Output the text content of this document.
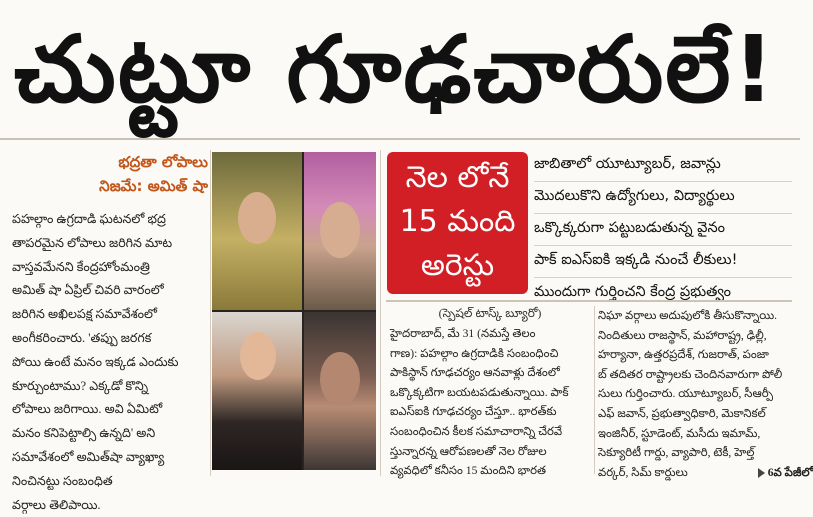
చుట్టూ గూఢచారులే!
భద్రతా లోపాలు
నిజమే: అమిత్ షా

పహల్గాం ఉగ్రదాడి ఘటనలో భద్ర

తాపరమైన లోపాలు జరిగిన మాట

వాస్తవమేనని కేంద్రహోంమంత్రి

అమిత్ షా ఏప్రిల్ చివరి వారంలో

జరిగిన అఖిలపక్ష సమావేశంలో

అంగీకరించారు. 'తప్పు జరగక

పోయి ఉంటే మనం ఇక్కడ ఎందుకు

కూర్చుంటాము? ఎక్కడో కొన్ని

లోపాలు జరిగాయి. అవి ఏమిటో

మనం కనిపెట్టాల్సి ఉన్నది' అని

సమావేశంలో అమిత్‌షా వ్యాఖ్యా

నించినట్టు సంబంధిత

వర్గాలు తెలిపాయి.

నెల లోనే
15 మంది
అరెస్టు
జాబితాలో యూట్యూబర్, జవాన్లు
మొదలుకొని ఉద్యోగులు, విద్యార్థులు
ఒక్కొక్కరుగా పట్టుబడుతున్న వైనం
పాక్ ఐఎస్‌ఐకి ఇక్కడి నుంచే లీకులు!
ముందుగా గుర్తించని కేంద్ర ప్రభుత్వం
(స్పెషల్ టాస్క్ బ్యూరో)

హైదరాబాద్, మే 31 (నమస్తే తెలం

గాణ): పహల్గాం ఉగ్రదాడికి సంబంధించి

పాకిస్థాన్ గూఢచర్యం ఆనవాళ్లు దేశంలో

ఒక్కొక్కటిగా బయటపడుతున్నాయి. పాక్

ఐఎస్‌ఐకి గూఢచర్యం చేస్తూ.. భారత్‌కు

సంబంధించిన కీలక సమాచారాన్ని చేరవే

స్తున్నారన్న ఆరోపణలతో నెల రోజుల

వ్యవధిలో కనీసం 15 మందిని భారత

నిఘా వర్గాలు అదుపులోకి తీసుకొన్నాయి.

నిందితులు రాజస్థాన్, మహారాష్ట్ర, ఢిల్లీ,

హర్యానా, ఉత్తరప్రదేశ్, గుజరాత్, పంజా

బ్ తదితర రాష్ట్రాలకు చెందినవారుగా పోలీ

సులు గుర్తించారు. యూట్యూబర్, సీఆర్పీ

ఎఫ్ జవాన్, ప్రభుత్వాధికారి, మెకానికల్

ఇంజినీర్, స్టూడెంట్, మసీదు ఇమామ్,

సెక్యూరిటీ గార్డు, వ్యాపారి, టెకీ, హెల్త్

వర్కర్, సిమ్ కార్డులు	6వ పేజీలో
